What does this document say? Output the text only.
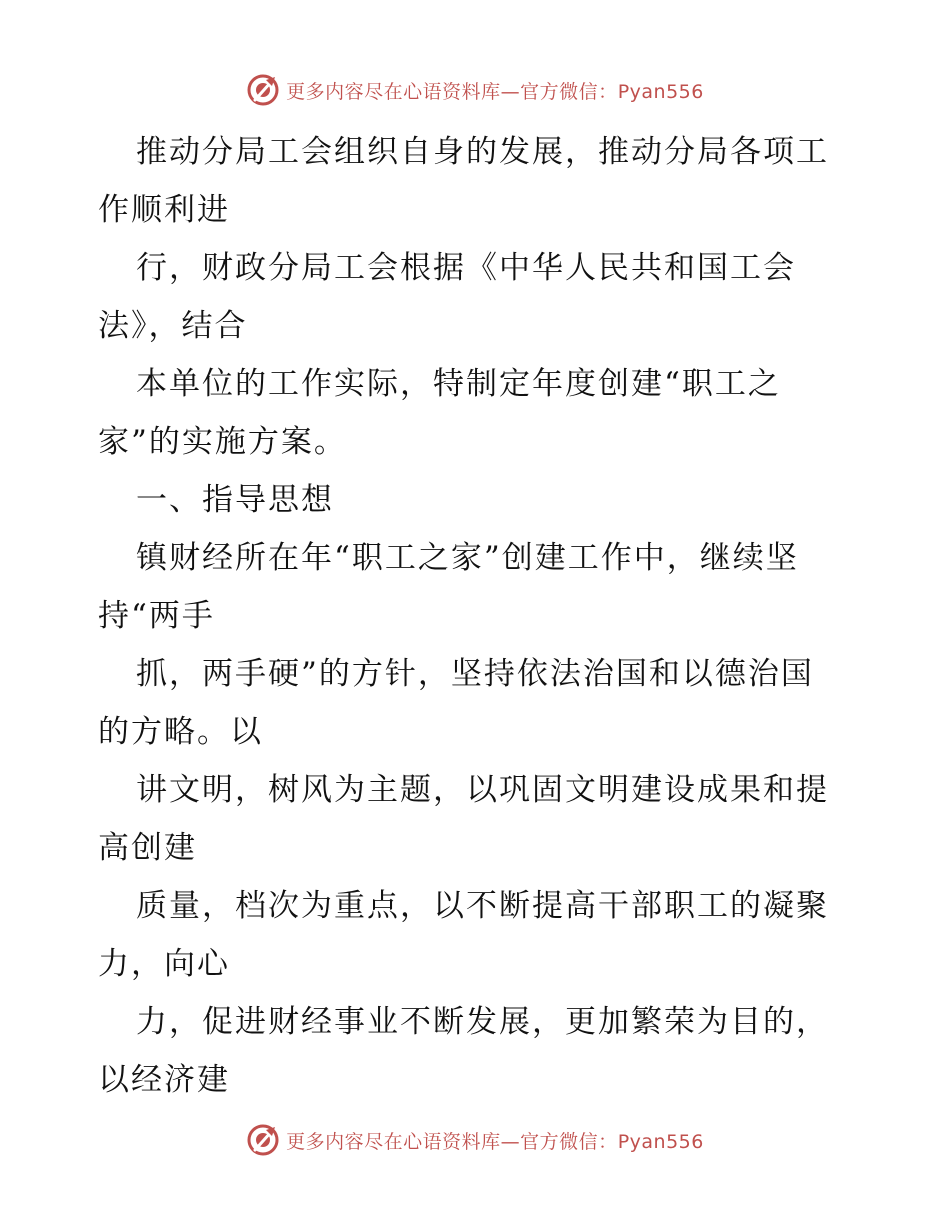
更多内容尽在心语资料库—官方微信：Pyan556
推动分局工会组织自身的发展，推动分局各项工
作顺利进
行，财政分局工会根据《中华人民共和国工会
法》，结合
本单位的工作实际，特制定年度创建“职工之
家”的实施方案。
一、指导思想
镇财经所在年“职工之家”创建工作中，继续坚
持“两手
抓，两手硬”的方针，坚持依法治国和以德治国
的方略。以
讲文明，树风为主题，以巩固文明建设成果和提
高创建
质量，档次为重点，以不断提高干部职工的凝聚
力，向心
力，促进财经事业不断发展，更加繁荣为目的，
以经济建
更多内容尽在心语资料库—官方微信：Pyan556
